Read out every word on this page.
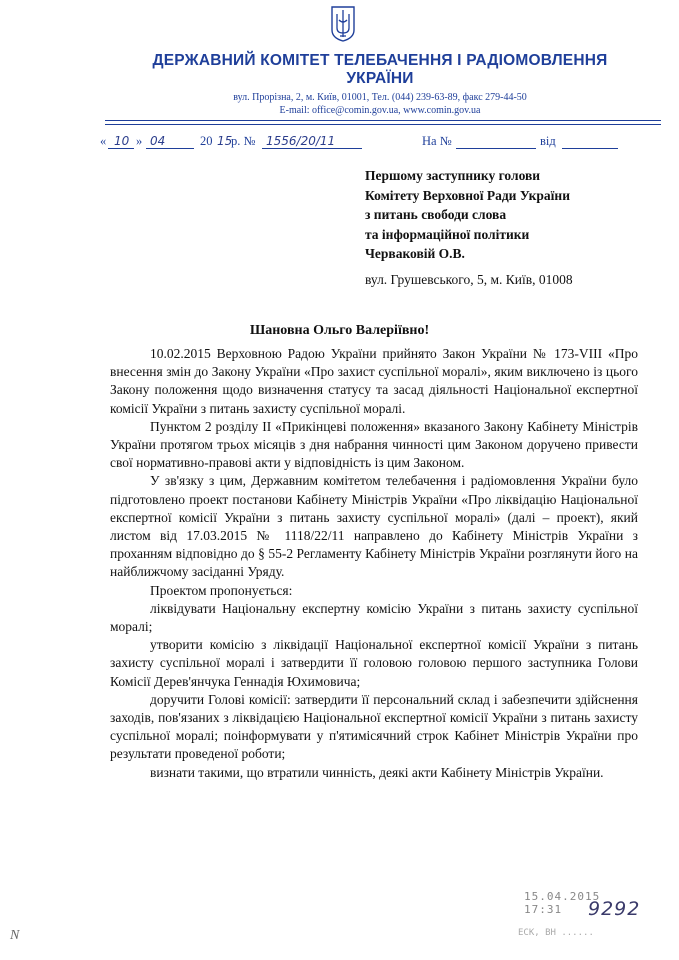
ДЕРЖАВНИЙ КОМІТЕТ ТЕЛЕБАЧЕННЯ І РАДІОМОВЛЕННЯ
УКРАЇНИ
вул. Прорізна, 2, м. Київ, 01001, Тел. (044) 239-63-89, факс 279-44-50
E-mail: office@comin.gov.ua, www.comin.gov.ua
« 10 » 04	20 15
р. № 1556/20/11	На №	від
Першому заступнику голови
Комітету Верховної Ради України
з питань свободи слова
та інформаційної політики
Черваковій О.В.
вул. Грушевського, 5, м. Київ, 01008
Шановна Ольго Валеріївно!

10.02.2015 Верховною Радою України прийнято Закон України № 173-VIII «Про внесення змін до Закону України «Про захист суспільної моралі», яким виключено із цього Закону положення щодо визначення статусу та засад діяльності Національної експертної комісії України з питань захисту суспільної моралі.

Пунктом 2 розділу II «Прикінцеві положення» вказаного Закону Кабінету Міністрів України протягом трьох місяців з дня набрання чинності цим Законом доручено привести свої нормативно-правові акти у відповідність із цим Законом.

У зв'язку з цим, Державним комітетом телебачення і радіомовлення України було підготовлено проект постанови Кабінету Міністрів України «Про ліквідацію Національної експертної комісії України з питань захисту суспільної моралі» (далі – проект), який листом від 17.03.2015 № 1118/22/11 направлено до Кабінету Міністрів України з проханням відповідно до § 55-2 Регламенту Кабінету Міністрів України розглянути його на найближчому засіданні Уряду.

Проектом пропонується:

ліквідувати Національну експертну комісію України з питань захисту суспільної моралі;

утворити комісію з ліквідації Національної експертної комісії України з питань захисту суспільної моралі і затвердити її головою головою першого заступника Голови Комісії Дерев'янчука Геннадія Юхимовича;

доручити Голові комісії: затвердити її персональний склад і забезпечити здійснення заходів, пов'язаних з ліквідацією Національної експертної комісії України з питань захисту суспільної моралі; поінформувати у п'ятимісячний строк Кабінет Міністрів України про результати проведеної роботи;

визнати такими, що втратили чинність, деякі акти Кабінету Міністрів України.

15.04.2015 17:31	9292
ЕСК, ВН ......
N
